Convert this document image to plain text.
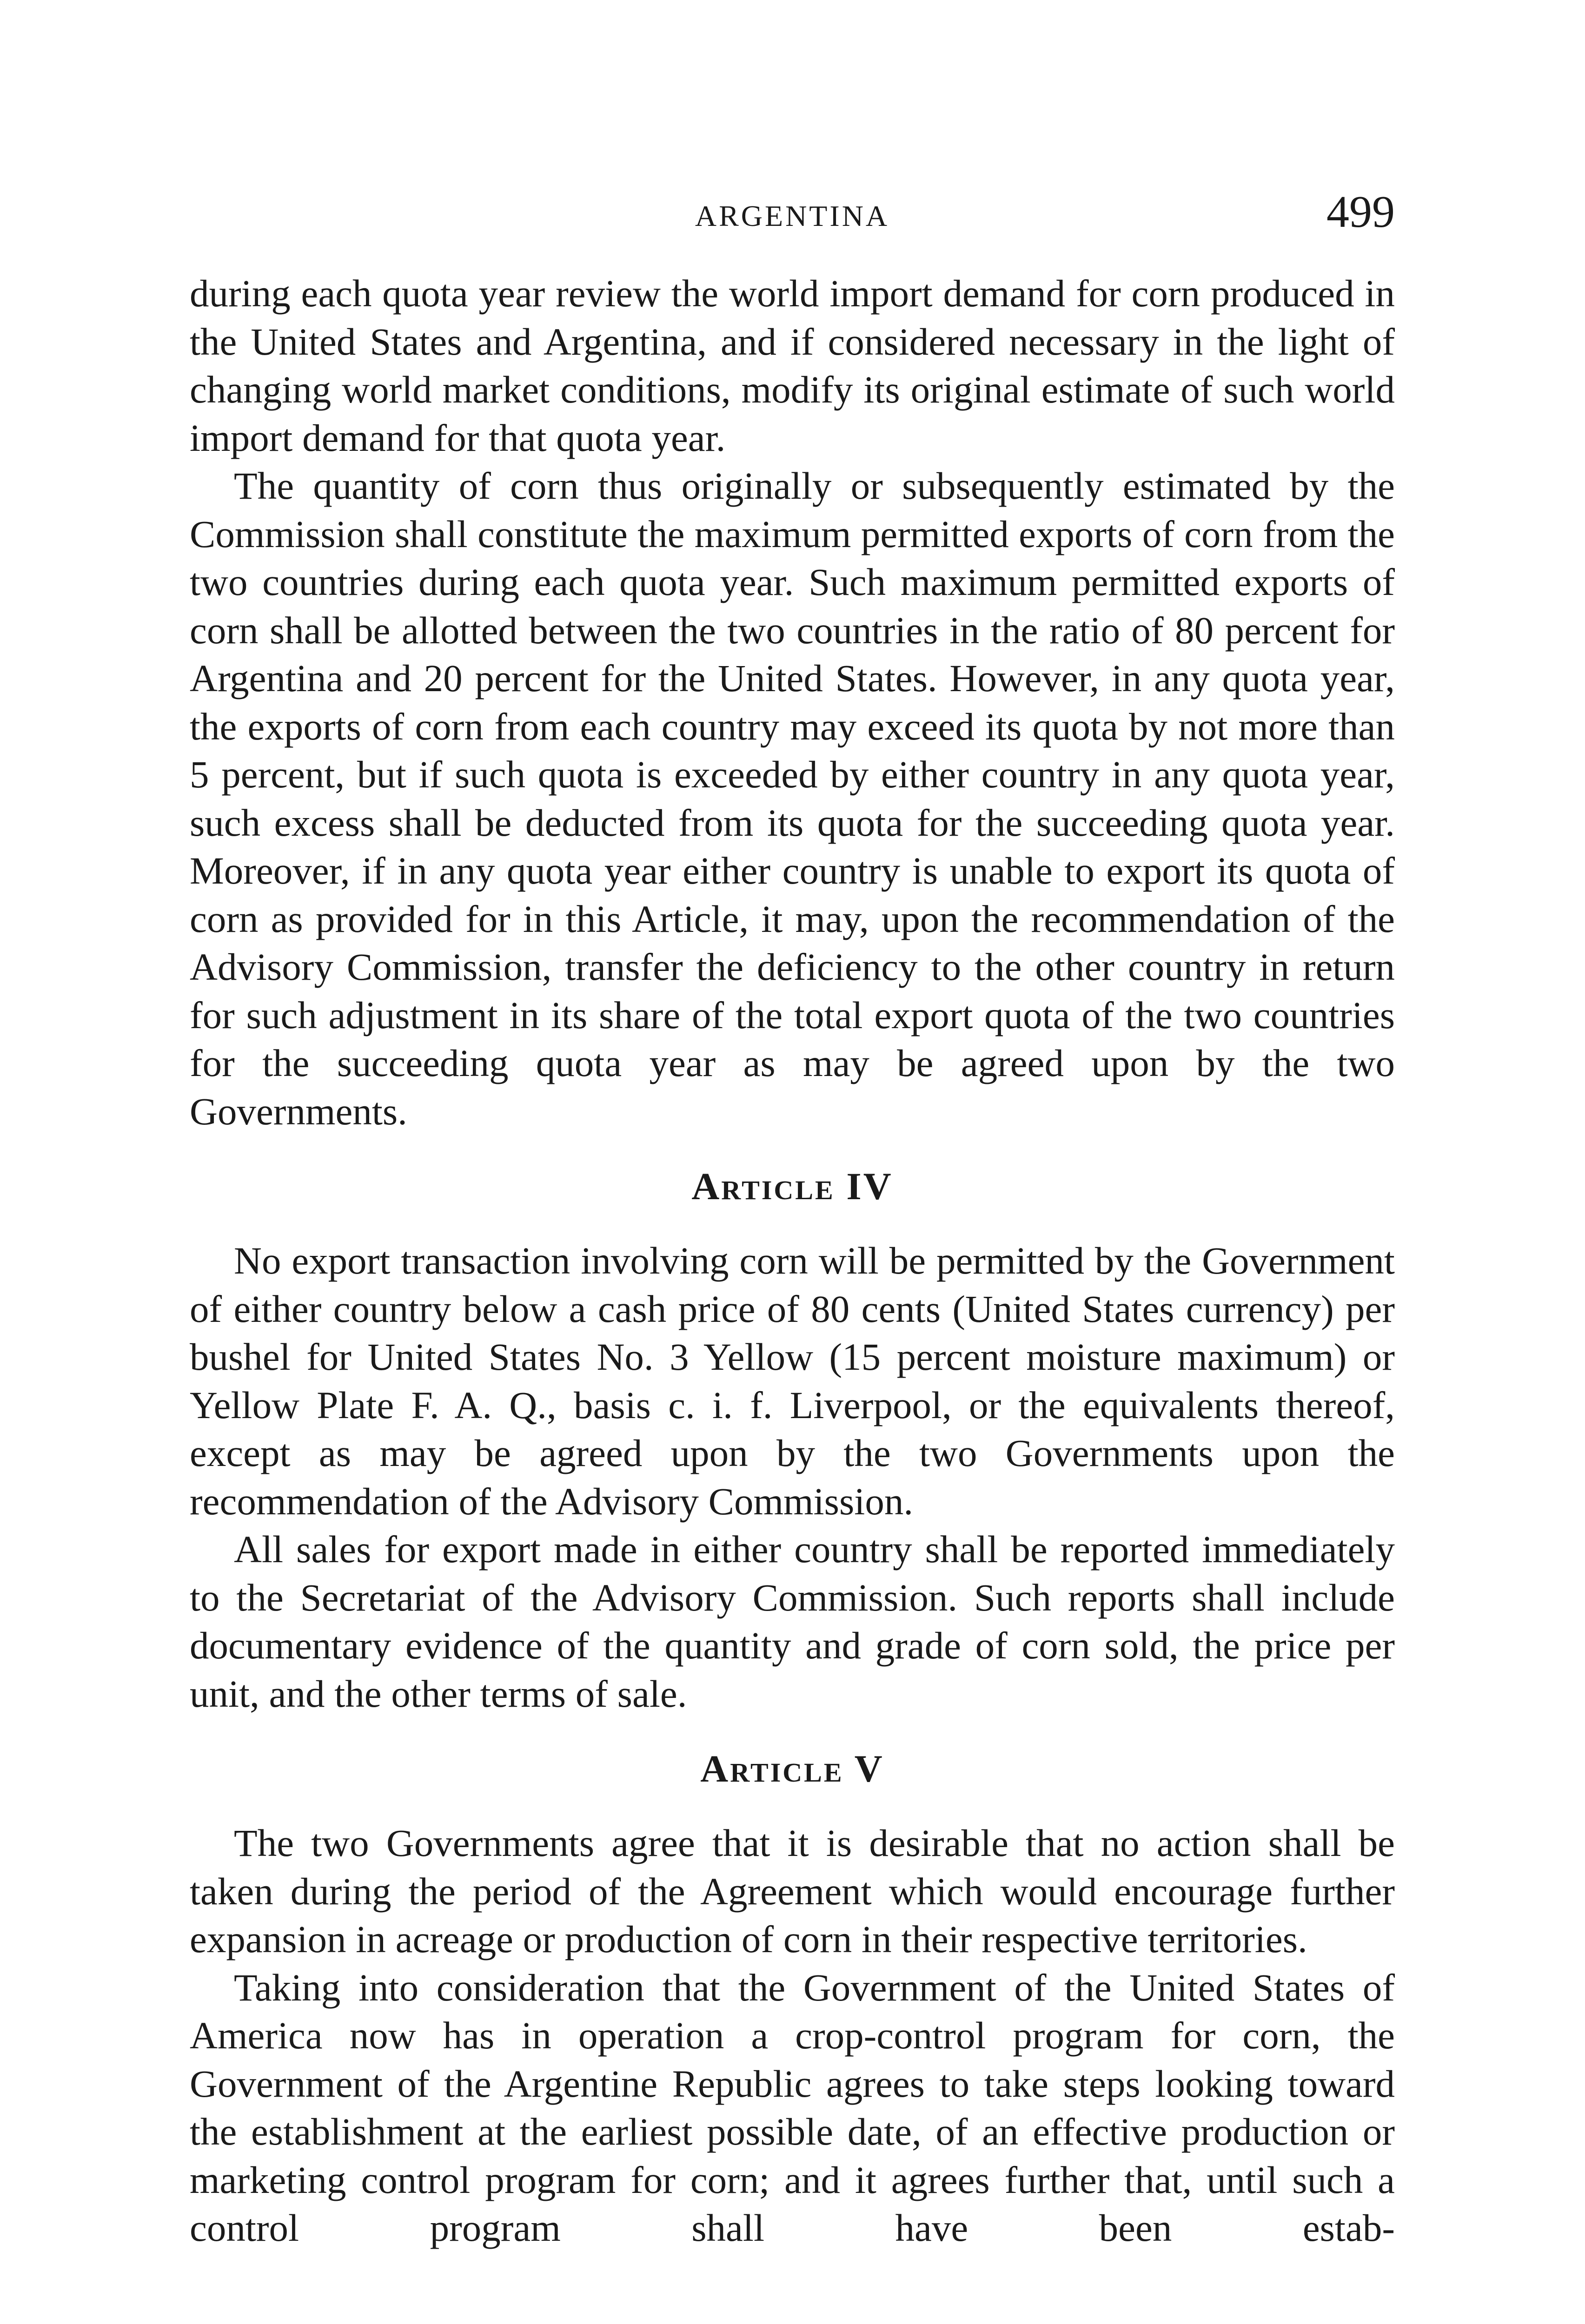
ARGENTINA	499

during each quota year review the world import demand for corn produced in the United States and Argentina, and if considered necessary in the light of changing world market conditions, modify its original estimate of such world import demand for that quota year.

The quantity of corn thus originally or subsequently estimated by the Commission shall constitute the maximum permitted exports of corn from the two countries during each quota year. Such maximum permitted exports of corn shall be allotted between the two countries in the ratio of 80 percent for Argentina and 20 percent for the United States. However, in any quota year, the exports of corn from each country may exceed its quota by not more than 5 percent, but if such quota is exceeded by either country in any quota year, such excess shall be deducted from its quota for the succeeding quota year. Moreover, if in any quota year either country is unable to export its quota of corn as provided for in this Article, it may, upon the recommendation of the Advisory Commission, transfer the deficiency to the other country in return for such adjustment in its share of the total export quota of the two countries for the succeeding quota year as may be agreed upon by the two Governments.

Article IV

No export transaction involving corn will be permitted by the Government of either country below a cash price of 80 cents (United States currency) per bushel for United States No. 3 Yellow (15 percent moisture maximum) or Yellow Plate F. A. Q., basis c. i. f. Liverpool, or the equivalents thereof, except as may be agreed upon by the two Governments upon the recommendation of the Advisory Commission.

All sales for export made in either country shall be reported immediately to the Secretariat of the Advisory Commission. Such reports shall include documentary evidence of the quantity and grade of corn sold, the price per unit, and the other terms of sale.

Article V

The two Governments agree that it is desirable that no action shall be taken during the period of the Agreement which would encourage further expansion in acreage or production of corn in their respective territories.

Taking into consideration that the Government of the United States of America now has in operation a crop-control program for corn, the Government of the Argentine Republic agrees to take steps looking toward the establishment at the earliest possible date, of an effective production or marketing control program for corn; and it agrees further that, until such a control program shall have been estab-
